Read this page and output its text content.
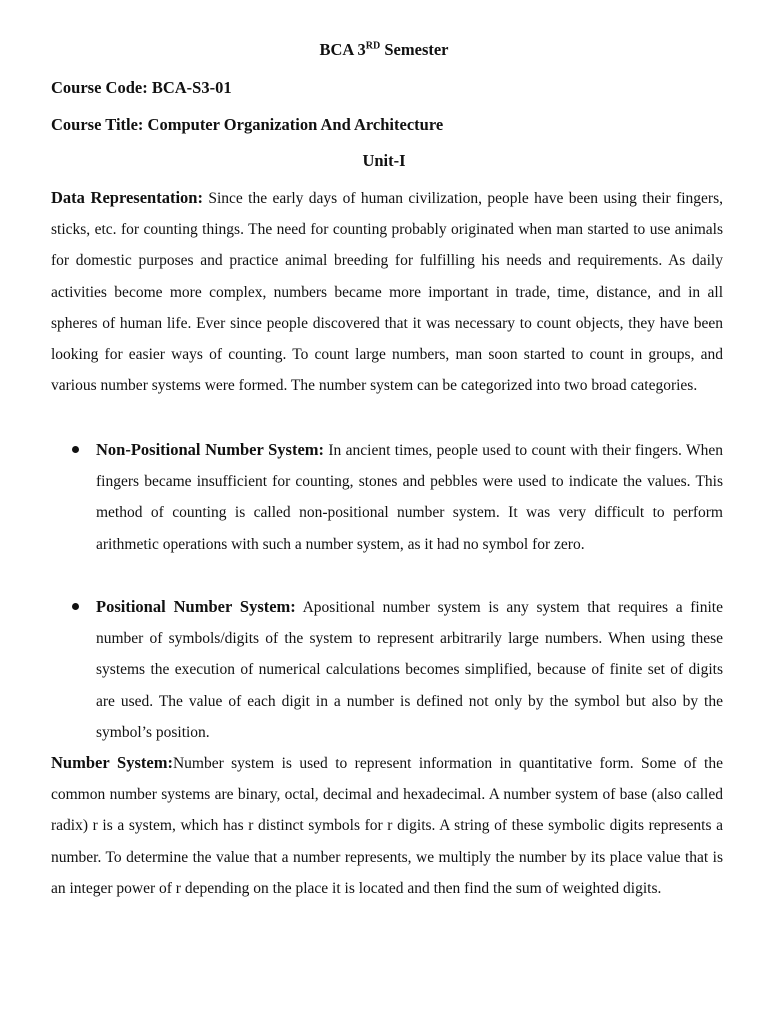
BCA 3RD Semester
Course Code: BCA-S3-01
Course Title: Computer Organization And Architecture
Unit-I

Data Representation: Since the early days of human civilization, people have been using their fingers, sticks, etc. for counting things. The need for counting probably originated when man started to use animals for domestic purposes and practice animal breeding for fulfilling his needs and requirements. As daily activities become more complex, numbers became more important in trade, time, distance, and in all spheres of human life. Ever since people discovered that it was necessary to count objects, they have been looking for easier ways of counting. To count large numbers, man soon started to count in groups, and various number systems were formed. The number system can be categorized into two broad categories.

Non-Positional Number System: In ancient times, people used to count with their fingers. When fingers became insufficient for counting, stones and pebbles were used to indicate the values. This method of counting is called non-positional number system. It was very difficult to perform arithmetic operations with such a number system, as it had no symbol for zero.

Positional Number System: Apositional number system is any system that requires a finite number of symbols/digits of the system to represent arbitrarily large numbers. When using these systems the execution of numerical calculations becomes simplified, because of finite set of digits are used. The value of each digit in a number is defined not only by the symbol but also by the symbol’s position.

Number System:Number system is used to represent information in quantitative form. Some of the common number systems are binary, octal, decimal and hexadecimal. A number system of base (also called radix) r is a system, which has r distinct symbols for r digits. A string of these symbolic digits represents a number. To determine the value that a number represents, we multiply the number by its place value that is an integer power of r depending on the place it is located and then find the sum of weighted digits.
